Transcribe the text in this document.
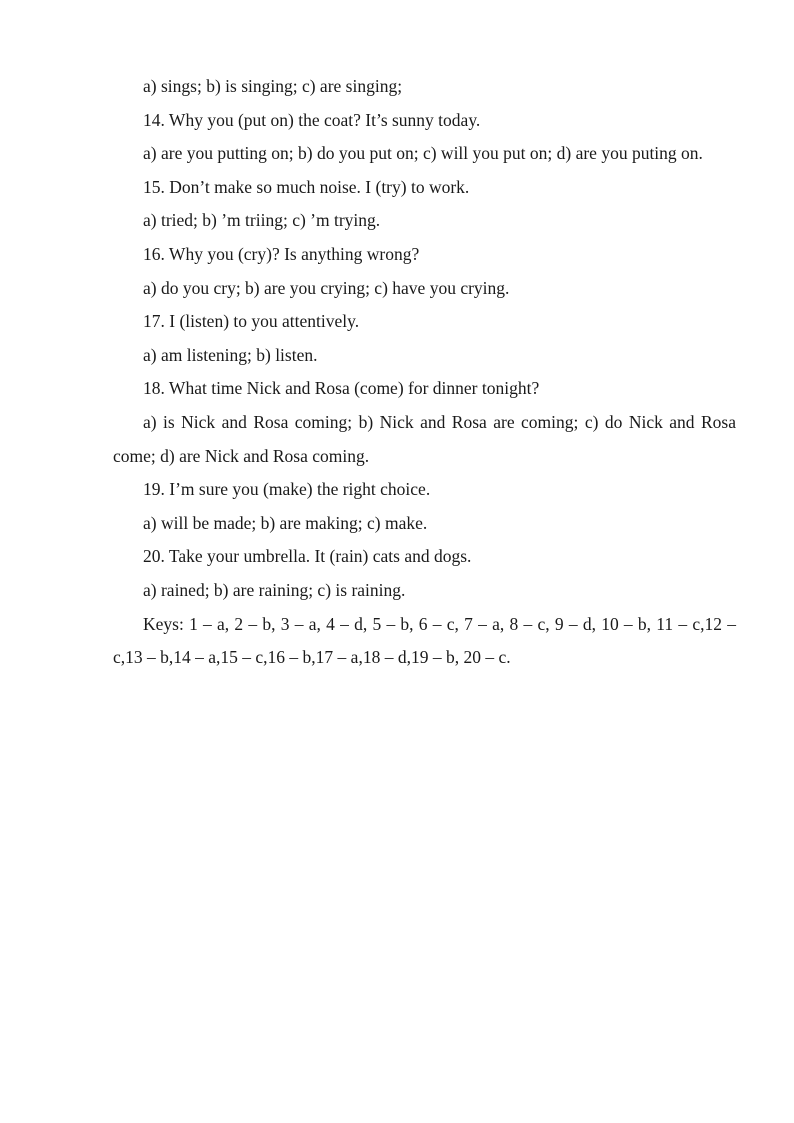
a) sings; b) is singing; c) are singing;

14. Why you (put on) the coat? It’s sunny today.

a) are you putting on; b) do you put on; c) will you put on; d) are you puting on.

15. Don’t make so much noise. I (try) to work.

a) tried; b) ’m triing; c) ’m trying.

16. Why you (cry)? Is anything wrong?

a) do you cry; b) are you crying; c) have you crying.

17. I (listen) to you attentively.

a) am listening; b) listen.

18. What time Nick and Rosa (come) for dinner tonight?

a) is Nick and Rosa coming; b) Nick and Rosa are coming; c) do Nick and Rosa come; d) are Nick and Rosa coming.

19. I’m sure you (make) the right choice.

a) will be made; b) are making; c) make.

20. Take your umbrella. It (rain) cats and dogs.

a) rained; b) are raining; c) is raining.

Keys: 1 – a, 2 – b, 3 – a, 4 – d, 5 – b, 6 – c, 7 – a, 8 – c, 9 – d, 10 – b, 11 – c,12 – c,13 – b,14 – a,15 – c,16 – b,17 – a,18 – d,19 – b, 20 – c.
